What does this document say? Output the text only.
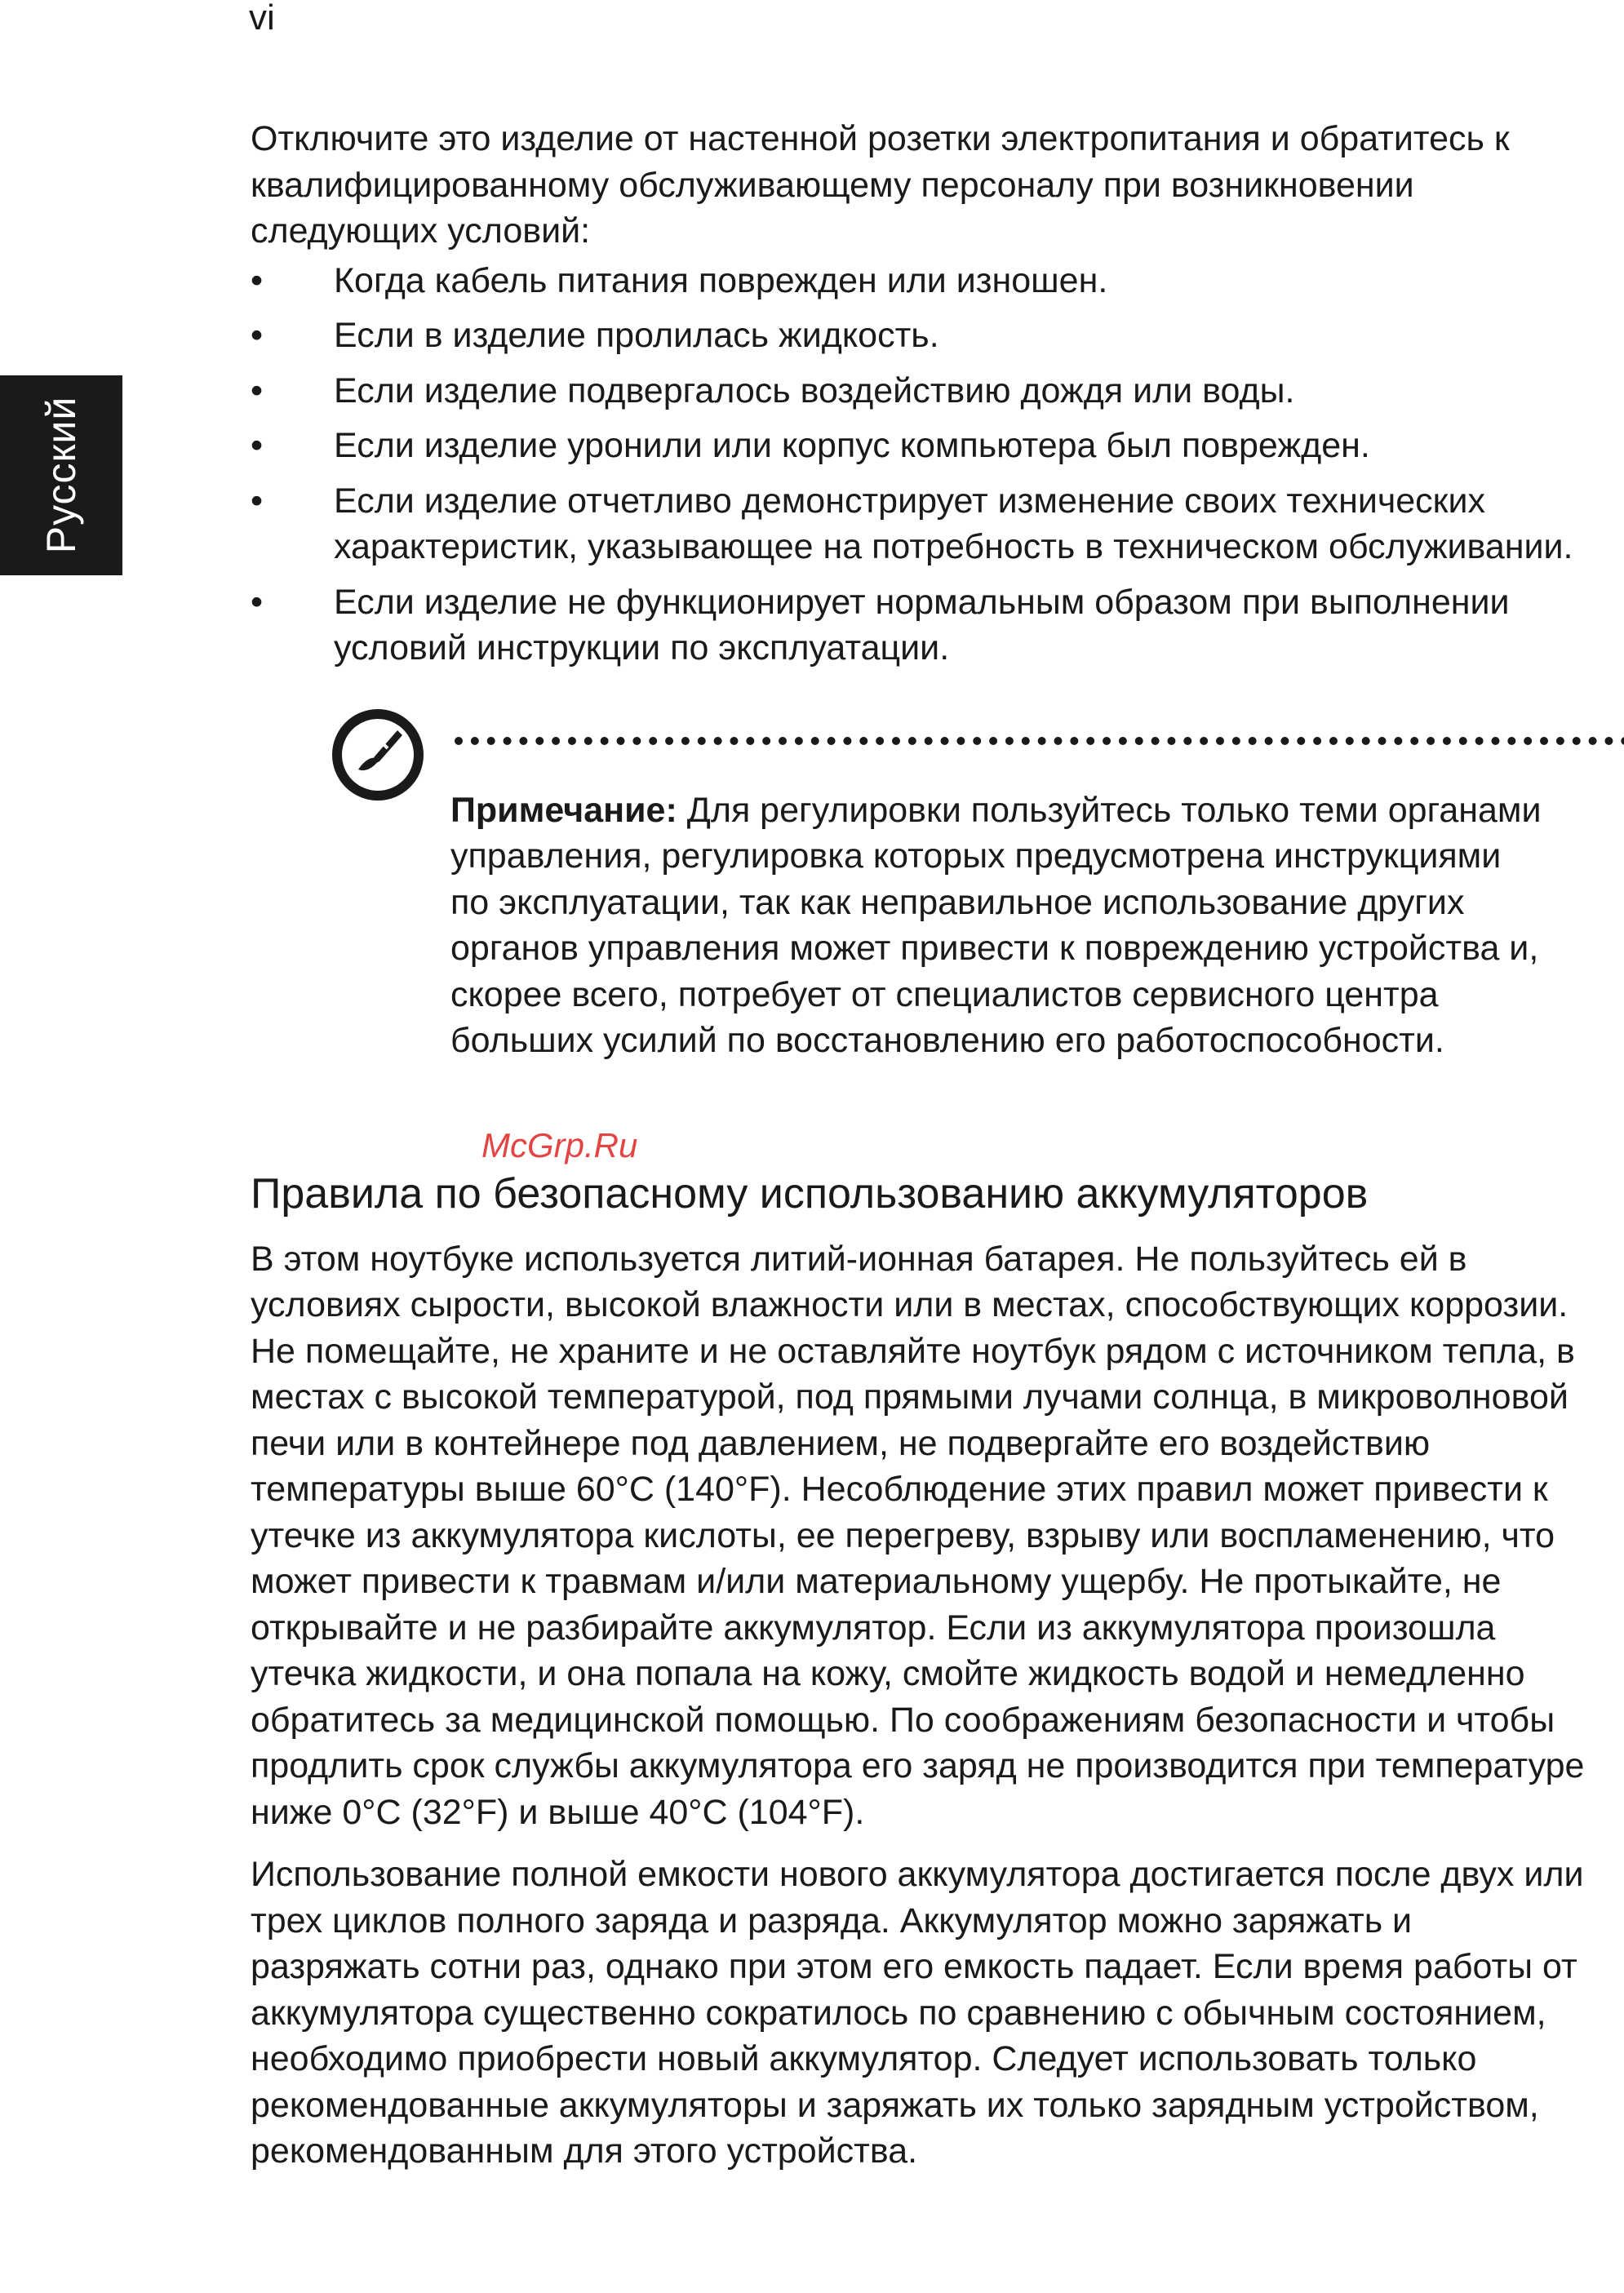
vi
Русский

Отключите это изделие от настенной розетки электропитания и обратитесь к квалифицированному обслуживающему персоналу при возникновении следующих условий:

•	Когда кабель питания поврежден или изношен.
•	Если в изделие пролилась жидкость.
•	Если изделие подвергалось воздействию дождя или воды.
•	Если изделие уронили или корпус компьютера был поврежден.
•	Если изделие отчетливо демонстрирует изменение своих технических характеристик, указывающее на потребность в техническом обслуживании.
•	Если изделие не функционирует нормальным образом при выполнении условий инструкции по эксплуатации.
Примечание: Для регулировки пользуйтесь только теми органами управления, регулировка которых предусмотрена инструкциями по эксплуатации, так как неправильное использование других органов управления может привести к повреждению устройства и, скорее всего, потребует от специалистов сервисного центра больших усилий по восстановлению его работоспособности.
Правила по безопасному использованию аккумуляторов

В этом ноутбуке используется литий-ионная батарея. Не пользуйтесь ей в условиях сырости, высокой влажности или в местах, способствующих коррозии. Не помещайте, не храните и не оставляйте ноутбук рядом с источником тепла, в местах с высокой температурой, под прямыми лучами солнца, в микроволновой печи или в контейнере под давлением, не подвергайте его воздействию температуры выше 60°C (140°F). Несоблюдение этих правил может привести к утечке из аккумулятора кислоты, ее перегреву, взрыву или воспламенению, что может привести к травмам и/или материальному ущербу. Не протыкайте, не открывайте и не разбирайте аккумулятор. Если из аккумулятора произошла утечка жидкости, и она попала на кожу, смойте жидкость водой и немедленно обратитесь за медицинской помощью. По соображениям безопасности и чтобы продлить срок службы аккумулятора его заряд не производится при температуре ниже 0°C (32°F) и выше 40°C (104°F).

Использование полной емкости нового аккумулятора достигается после двух или трех циклов полного заряда и разряда. Аккумулятор можно заряжать и разряжать сотни раз, однако при этом его емкость падает. Если время работы от аккумулятора существенно сократилось по сравнению с обычным состоянием, необходимо приобрести новый аккумулятор. Следует использовать только рекомендованные аккумуляторы и заряжать их только зарядным устройством, рекомендованным для этого устройства.

McGrp.Ru
